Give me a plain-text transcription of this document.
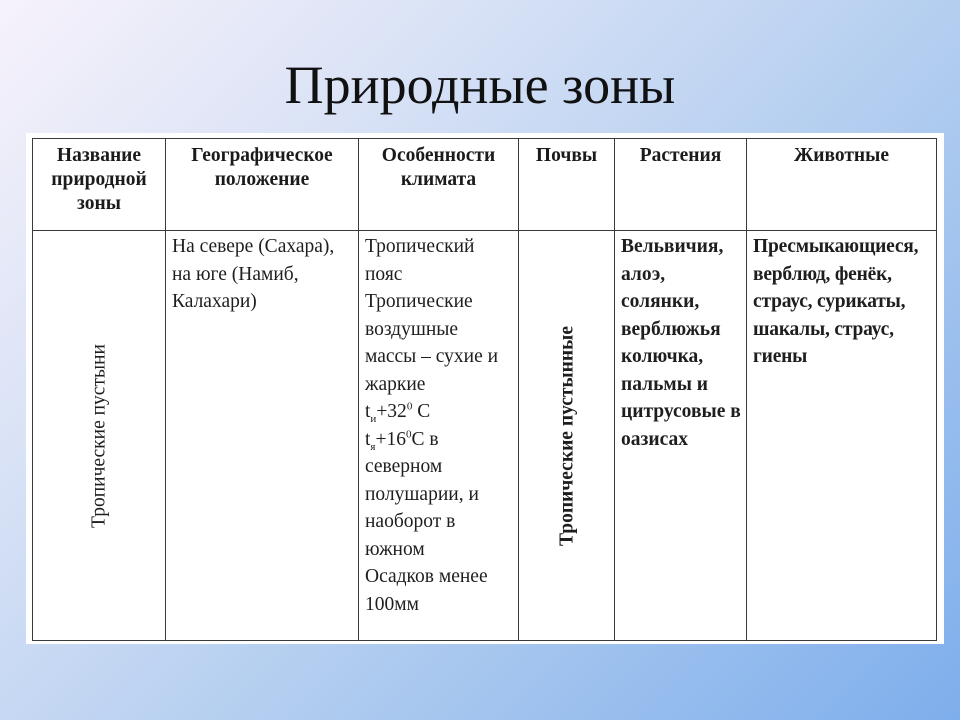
Природные зоны
Название природной зоны	Географическое положение	Особенности климата	Почвы	Растения	Животные

Тропические пустыни	На севере (Сахара), на юге (Намиб, Калахари)	Тропический пояс
Тропические воздушные массы – сухие и жаркие
$t_и+32^0$ С
$t_я+16^0С$ в северном полушарии, и наоборот в южном
Осадков менее 100мм	Тропические пустынные	Вельвичия, алоэ, солянки, верблюжья колючка, пальмы и цитрусовые в оазисах	Пресмыкающиеся, верблюд, фенёк, страус, сурикаты, шакалы, страус, гиены
